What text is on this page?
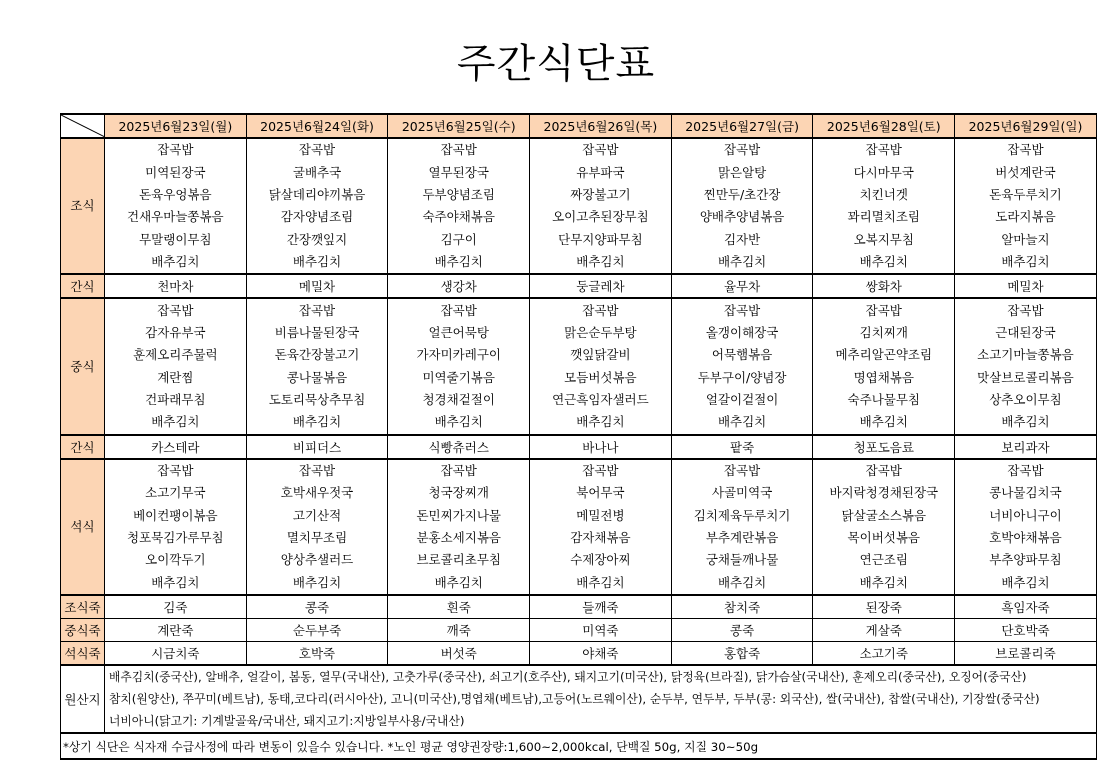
주간식단표
	2025년6월23일(월)	2025년6월24일(화)	2025년6월25일(수)	2025년6월26일(목)	2025년6월27일(금)	2025년6월28일(토)	2025년6월29일(일)
조식	잡곡밥	잡곡밥	잡곡밥	잡곡밥	잡곡밥	잡곡밥	잡곡밥
	미역된장국	굴배추국	열무된장국	유부파국	맑은알탕	다시마무국	버섯계란국
	돈육우엉볶음	닭살데리야끼볶음	두부양념조림	짜장불고기	찐만두/초간장	치킨너겟	돈육두루치기
	건새우마늘쫑볶음	감자양념조림	숙주야채볶음	오이고추된장무침	양배추양념볶음	꽈리멸치조림	도라지볶음
	무말랭이무침	간장깻잎지	김구이	단무지양파무침	김자반	오복지무침	알마늘지
	배추김치	배추김치	배추김치	배추김치	배추김치	배추김치	배추김치
간식	천마차	메밀차	생강차	둥글레차	율무차	쌍화차	메밀차
중식	잡곡밥	잡곡밥	잡곡밥	잡곡밥	잡곡밥	잡곡밥	잡곡밥
	감자유부국	비름나물된장국	얼큰어묵탕	맑은순두부탕	올갱이해장국	김치찌개	근대된장국
	훈제오리주물럭	돈육간장불고기	가자미카레구이	깻잎닭갈비	어묵햄볶음	메추리알곤약조림	소고기마늘쫑볶음
	계란찜	콩나물볶음	미역줄기볶음	모듬버섯볶음	두부구이/양념장	명엽채볶음	맛살브로콜리볶음
	건파래무침	도토리묵상추무침	청경채겉절이	연근흑임자샐러드	얼갈이겉절이	숙주나물무침	상추오이무침
	배추김치	배추김치	배추김치	배추김치	배추김치	배추김치	배추김치
간식	카스테라	비피더스	식빵츄러스	바나나	팥죽	청포도음료	보리과자
석식	잡곡밥	잡곡밥	잡곡밥	잡곡밥	잡곡밥	잡곡밥	잡곡밥
	소고기무국	호박새우젓국	청국장찌개	북어무국	사골미역국	바지락청경채된장국	콩나물김치국
	베이컨팽이볶음	고기산적	돈민찌가지나물	메밀전병	김치제육두루치기	닭살굴소스볶음	너비아니구이
	청포묵김가루무침	멸치무조림	분홍소세지볶음	감자채볶음	부추계란볶음	목이버섯볶음	호박야채볶음
	오이깍두기	양상추샐러드	브로콜리초무침	수제장아찌	궁채들깨나물	연근조림	부추양파무침
	배추김치	배추김치	배추김치	배추김치	배추김치	배추김치	배추김치
조식죽	김죽	콩죽	흰죽	들깨죽	참치죽	된장죽	흑임자죽
중식죽	계란죽	순두부죽	깨죽	미역죽	콩죽	게살죽	단호박죽
석식죽	시금치죽	호박죽	버섯죽	야채죽	홍합죽	소고기죽	브로콜리죽
원산지	배추김치(중국산), 알배추, 얼갈이, 봄동, 열무(국내산), 고춧가루(중국산), 쇠고기(호주산), 돼지고기(미국산), 닭정육(브라질), 닭가슴살(국내산), 훈제오리(중국산), 오징어(중국산)						
	참치(원양산), 쭈꾸미(베트남), 동태,코다리(러시아산), 고니(미국산),명엽채(베트남),고등어(노르웨이산), 순두부, 연두부, 두부(콩: 외국산), 쌀(국내산), 찹쌀(국내산), 기장쌀(중국산)						
	너비아니(닭고기: 기계발골육/국내산, 돼지고기:지방일부사용/국내산)						
*상기 식단은 식자재 수급사정에 따라 변동이 있을수 있습니다. *노인 평균 영양권장량:1,600~2,000kcal, 단백질 50g, 지질 30~50g							
